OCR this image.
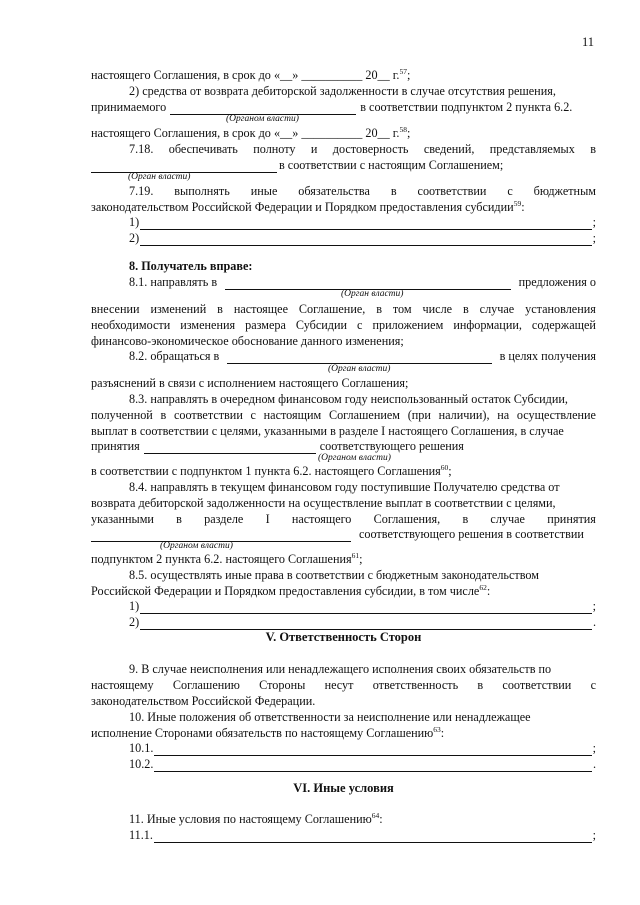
11
настоящего Соглашения, в срок до «__» __________ 20__ г.$^{57}$;
2) средства от возврата дебиторской задолженности в случае отсутствия решения,
принимаемого	в соответствии подпунктом 2 пункта 6.2.
(Органом власти)
настоящего Соглашения, в срок до «__» __________ 20__ г.$^{58}$;
7.18. обеспечивать полноту и достоверность сведений, представляемых в
в соответствии с настоящим Соглашением;
(Орган власти)
7.19. выполнять иные обязательства в соответствии с бюджетным
законодательством Российской Федерации и Порядком предоставления субсидии$^{59}$:
1)	;
2)	;
8. Получатель вправе:
8.1. направлять в	предложения о
(Орган власти)
внесении изменений в настоящее Соглашение, в том числе в случае установления
необходимости изменения размера Субсидии с приложением информации, содержащей
финансово-экономическое обоснование данного изменения;
8.2. обращаться в	в целях получения
(Орган власти)
разъяснений в связи с исполнением настоящего Соглашения;
8.3. направлять в очередном финансовом году неиспользованный остаток Субсидии,
полученной в соответствии с настоящим Соглашением (при наличии), на осуществление
выплат в соответствии с целями, указанными в разделе I настоящего Соглашения, в случае
принятия	соответствующего решения
(Органом власти)
в соответствии с подпунктом 1 пункта 6.2. настоящего Соглашения$^{60}$;
8.4. направлять в текущем финансовом году поступившие Получателю средства от
возврата дебиторской задолженности на осуществление выплат в соответствии с целями,
указанными в разделе I настоящего Соглашения, в случае принятия
соответствующего решения в соответствии
(Органом власти)
подпунктом 2 пункта 6.2. настоящего Соглашения$^{61}$;
8.5. осуществлять иные права в соответствии с бюджетным законодательством
Российской Федерации и Порядком предоставления субсидии, в том числе$^{62}$:
1)	;
2)	.
V. Ответственность Сторон
9. В случае неисполнения или ненадлежащего исполнения своих обязательств по
настоящему Соглашению Стороны несут ответственность в соответствии с
законодательством Российской Федерации.
10. Иные положения об ответственности за неисполнение или ненадлежащее
исполнение Сторонами обязательств по настоящему Соглашению$^{63}$:
10.1.	;
10.2.	.
VI. Иные условия
11. Иные условия по настоящему Соглашению$^{64}$:
11.1.	;
